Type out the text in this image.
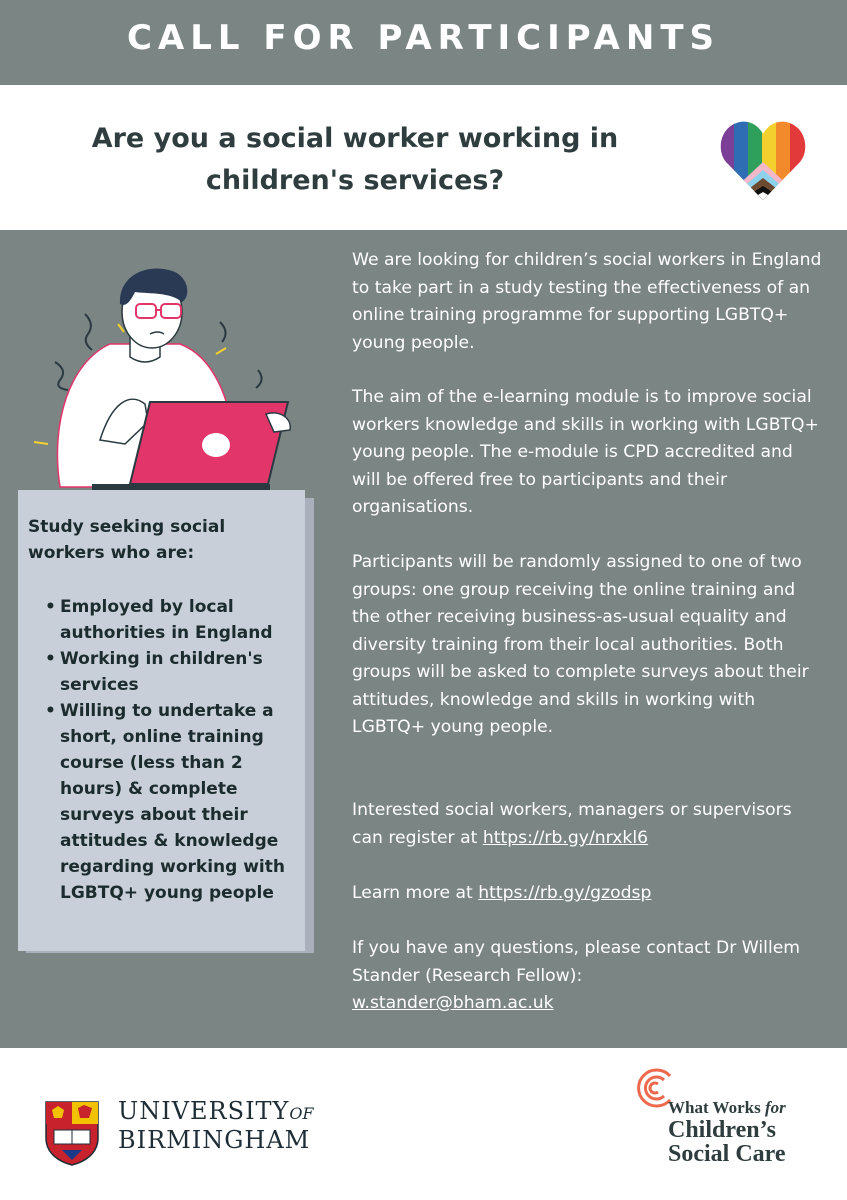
CALL FOR PARTICIPANTS
Are you a social worker working in
children's services?
Study seeking social workers who are:
• Employed by local authorities in England
• Working in children's services
• Willing to undertake a short, online training course (less than 2 hours) & complete surveys about their attitudes & knowledge regarding working with LGBTQ+ young people
We are looking for children’s social workers in England to take part in a study testing the effectiveness of an online training programme for supporting LGBTQ+ young people.
The aim of the e-learning module is to improve social workers knowledge and skills in working with LGBTQ+ young people. The e-module is CPD accredited and will be offered free to participants and their organisations.
Participants will be randomly assigned to one of two groups: one group receiving the online training and the other receiving business-as-usual equality and diversity training from their local authorities. Both groups will be asked to complete surveys about their attitudes, knowledge and skills in working with LGBTQ+ young people.
Interested social workers, managers or supervisors can register at https://rb.gy/nrxkl6
Learn more at https://rb.gy/gzodsp
If you have any questions, please contact Dr Willem Stander (Research Fellow):
w.stander@bham.ac.uk
UNIVERSITYOF
BIRMINGHAM
What Works for
Children’s
Social Care
